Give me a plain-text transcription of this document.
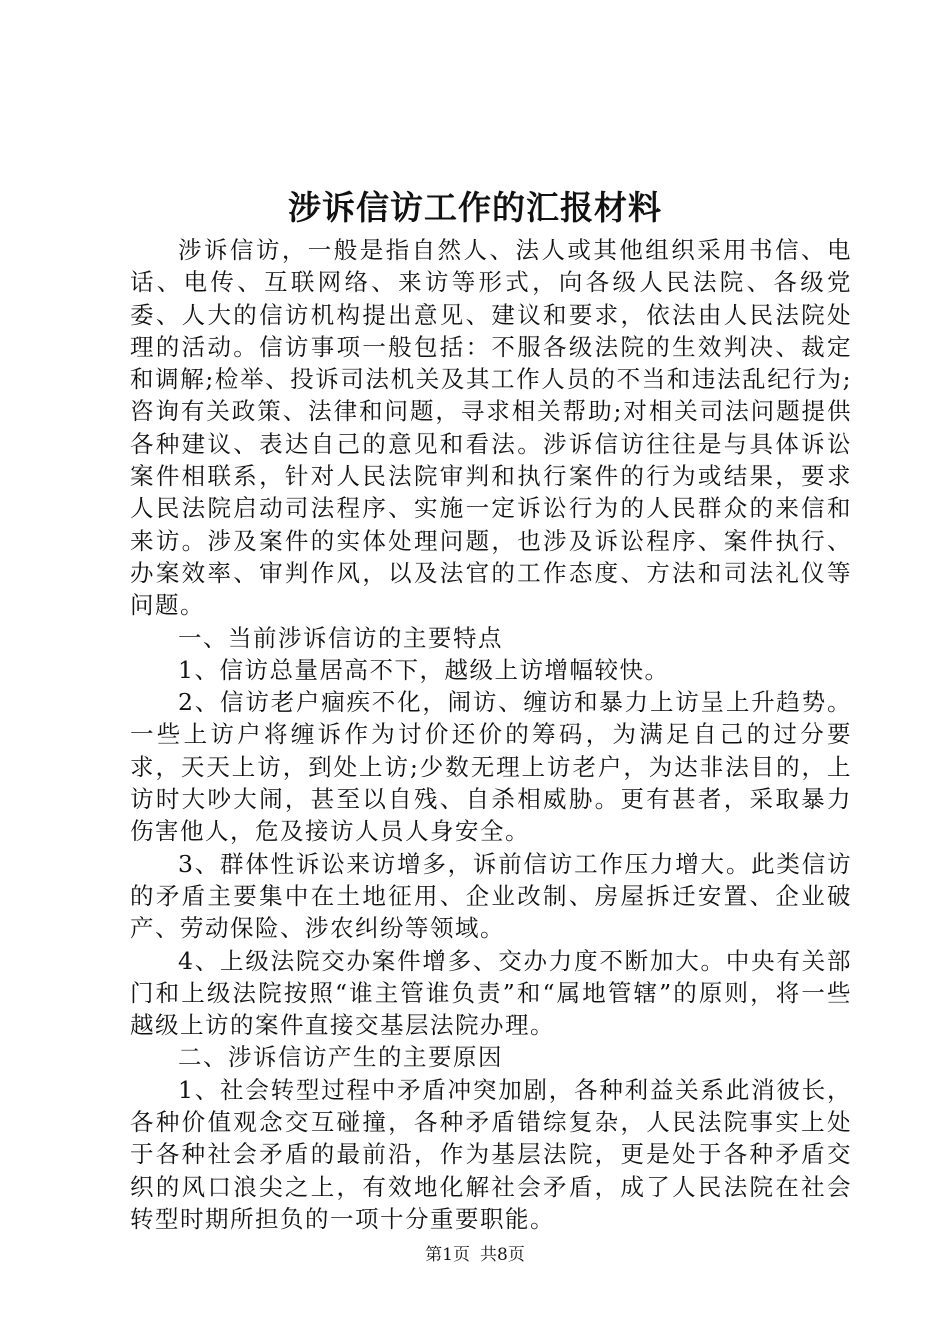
涉诉信访工作的汇报材料

涉诉信访，一般是指自然人、法人或其他组织采用书信、电话、电传、互联网络、来访等形式，向各级人民法院、各级党委、人大的信访机构提出意见、建议和要求，依法由人民法院处理的活动。信访事项一般包括：不服各级法院的生效判决、裁定和调解;检举、投诉司法机关及其工作人员的不当和违法乱纪行为;咨询有关政策、法律和问题，寻求相关帮助;对相关司法问题提供各种建议、表达自己的意见和看法。涉诉信访往往是与具体诉讼案件相联系，针对人民法院审判和执行案件的行为或结果，要求人民法院启动司法程序、实施一定诉讼行为的人民群众的来信和来访。涉及案件的实体处理问题，也涉及诉讼程序、案件执行、办案效率、审判作风，以及法官的工作态度、方法和司法礼仪等问题。

一、当前涉诉信访的主要特点

1、信访总量居高不下，越级上访增幅较快。

2、信访老户痼疾不化，闹访、缠访和暴力上访呈上升趋势。一些上访户将缠诉作为讨价还价的筹码，为满足自己的过分要求，天天上访，到处上访;少数无理上访老户，为达非法目的，上访时大吵大闹，甚至以自残、自杀相威胁。更有甚者，采取暴力伤害他人，危及接访人员人身安全。

3、群体性诉讼来访增多，诉前信访工作压力增大。此类信访的矛盾主要集中在土地征用、企业改制、房屋拆迁安置、企业破产、劳动保险、涉农纠纷等领域。

4、上级法院交办案件增多、交办力度不断加大。中央有关部门和上级法院按照“谁主管谁负责”和“属地管辖”的原则，将一些越级上访的案件直接交基层法院办理。

二、涉诉信访产生的主要原因

1、社会转型过程中矛盾冲突加剧，各种利益关系此消彼长，各种价值观念交互碰撞，各种矛盾错综复杂，人民法院事实上处于各种社会矛盾的最前沿，作为基层法院，更是处于各种矛盾交织的风口浪尖之上，有效地化解社会矛盾，成了人民法院在社会转型时期所担负的一项十分重要职能。

第1页 共8页
